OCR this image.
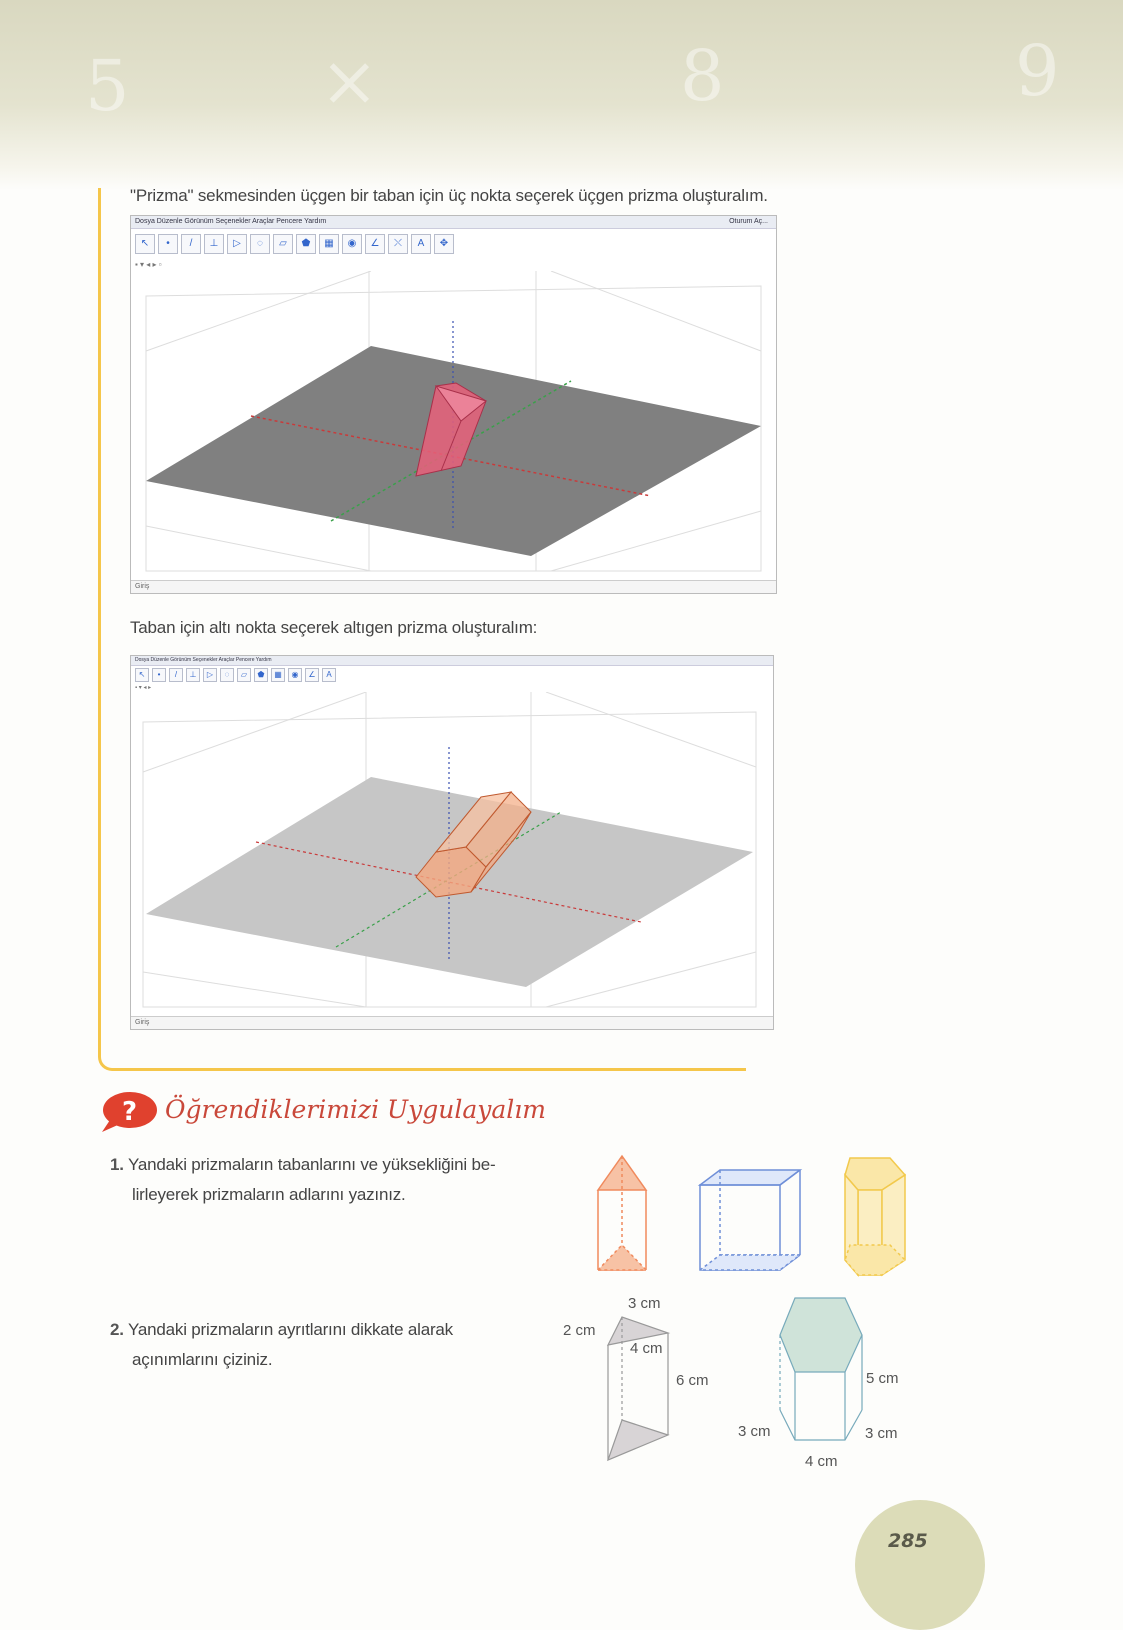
5	×	8	9
"Prizma" sekmesinden üçgen bir taban için üç nokta seçerek üçgen prizma oluşturalım.
Dosya Düzenle Görünüm Seçenekler Araçlar Pencere Yardım	Oturum Aç...
↖	•	/	⊥	▷	◌	▱	⬟	▦	◉	∠	⤬	A	✥
▪ ▾ ◂ ▸ ▫
Giriş
Taban için altı nokta seçerek altıgen prizma oluşturalım:
Dosya Düzenle Görünüm Seçenekler Araçlar Pencere Yardım
↖	•	/	⊥	▷	◌	▱	⬟	▦	◉	∠	A
▪ ▾ ◂ ▸
Giriş
? Öğrendiklerimizi Uygulayalım
1. Yandaki prizmaların tabanlarını ve yüksekliğini be-
lirleyerek prizmaların adlarını yazınız.
2. Yandaki prizmaların ayrıtlarını dikkate alarak
açınımlarını çiziniz.
3 cm
2 cm
4 cm
6 cm	5 cm
3 cm	3 cm
4 cm
285
